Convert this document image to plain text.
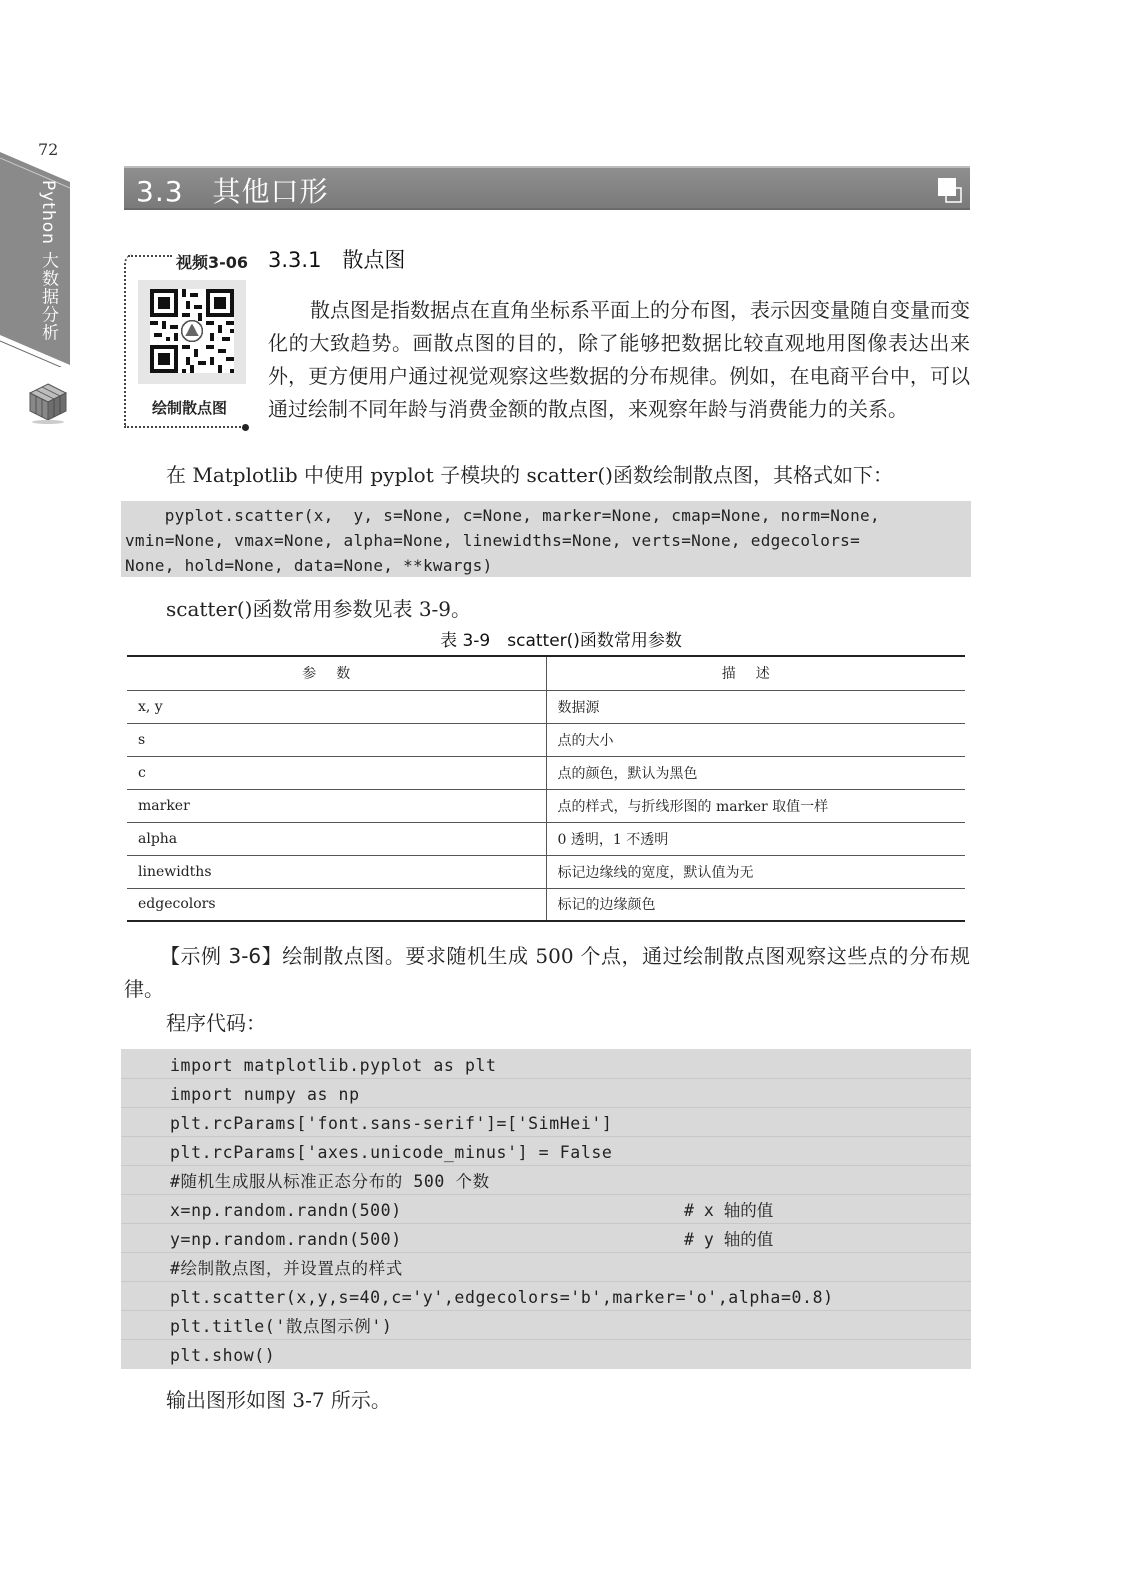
72
Python 大数据分析	3.3　其他口形
视频3-06
绘制散点图
3.3.1　散点图
散点图是指数据点在直角坐标系平面上的分布图，表示因变量随自变量而变化的大致趋势。画散点图的目的，除了能够把数据比较直观地用图像表达出来外，更方便用户通过视觉观察这些数据的分布规律。例如，在电商平台中，可以通过绘制不同年龄与消费金额的散点图，来观察年龄与消费能力的关系。
在 Matplotlib 中使用 pyplot 子模块的 scatter()函数绘制散点图，其格式如下：
pyplot.scatter(x,  y, s=None, c=None, marker=None, cmap=None, norm=None,
vmin=None, vmax=None, alpha=None, linewidths=None, verts=None, edgecolors=
None, hold=None, data=None, **kwargs)
scatter()函数常用参数见表 3-9。
表 3-9　scatter()函数常用参数
参数	描述
x, y	数据源
s	点的大小
c	点的颜色，默认为黑色
marker	点的样式，与折线形图的 marker 取值一样
alpha	0 透明，1 不透明
linewidths	标记边缘线的宽度，默认值为无
edgecolors	标记的边缘颜色
【示例 3-6】绘制散点图。要求随机生成 500 个点，通过绘制散点图观察这些点的分布规律。
程序代码：
import matplotlib.pyplot as plt
import numpy as np
plt.rcParams['font.sans-serif']=['SimHei']
plt.rcParams['axes.unicode_minus'] = False
#随机生成服从标准正态分布的 500 个数
x=np.random.randn(500)	# x 轴的值
y=np.random.randn(500)	# y 轴的值
#绘制散点图，并设置点的样式
plt.scatter(x,y,s=40,c='y',edgecolors='b',marker='o',alpha=0.8)
plt.title('散点图示例')
plt.show()
输出图形如图 3-7 所示。
